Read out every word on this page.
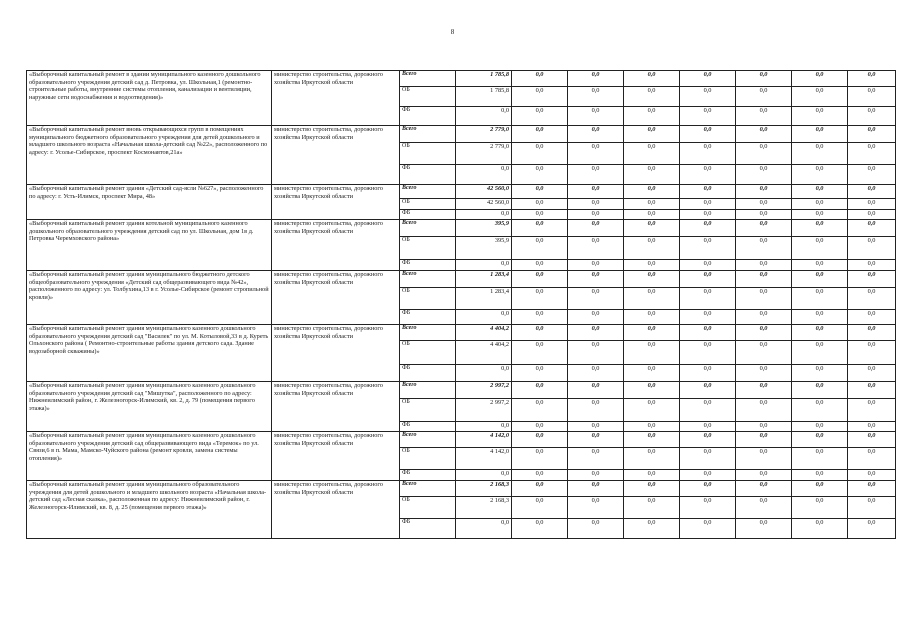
8
«Выборочный капитальный ремонт в здании муниципального казенного дошкольного образовательного учреждения детский сад д. Петровка, ул. Школьная,1 (ремонтно-строительные работы, внутренние системы отопления, канализации и вентиляции, наружные сети водоснабжения и водоотведения)»	министерство строительства, дорожного хозяйства Иркутской области	Всего	1 785,8	0,0	0,0	0,0	0,0	0,0	0,0	0,0
		ОБ	1 785,8	0,0	0,0	0,0	0,0	0,0	0,0	0,0
		ФБ	0,0	0,0	0,0	0,0	0,0	0,0	0,0	0,0
«Выборочный капитальный ремонт вновь открывающихся групп в помещениях муниципального бюджетного образовательного учреждения для детей дошкольного и младшего школьного возраста «Начальная школа-детский сад №22», расположенного по адресу: г. Усолье-Сибирское, проспект Космонавтов,21а»	министерство строительства, дорожного хозяйства Иркутской области	Всего	2 779,0	0,0	0,0	0,0	0,0	0,0	0,0	0,0
		ОБ	2 779,0	0,0	0,0	0,0	0,0	0,0	0,0	0,0
		ФБ	0,0	0,0	0,0	0,0	0,0	0,0	0,0	0,0
«Выборочный капитальный ремонт здания «Детский сад-ясли №627», расположенного по адресу: г. Усть-Илимск, проспект Мира, 48»	министерство строительства, дорожного хозяйства Иркутской области	Всего	42 560,0	0,0	0,0	0,0	0,0	0,0	0,0	0,0
		ОБ	42 560,0	0,0	0,0	0,0	0,0	0,0	0,0	0,0
		ФБ	0,0	0,0	0,0	0,0	0,0	0,0	0,0	0,0
«Выборочный капитальный ремонт здания котельной муниципального казенного дошкольного образовательного учреждения детский сад по ул. Школьная, дом 1в д. Петровка Черемховского района»	министерство строительства, дорожного хозяйства Иркутской области	Всего	395,9	0,0	0,0	0,0	0,0	0,0	0,0	0,0
		ОБ	395,9	0,0	0,0	0,0	0,0	0,0	0,0	0,0
		ФБ	0,0	0,0	0,0	0,0	0,0	0,0	0,0	0,0
«Выборочный капитальный ремонт здания муниципального бюджетного детского общеобразовательного учреждения «Детский сад общеразвивающего вида №42», расположенного по адресу: ул. Толбухина,13 в г. Усолье-Сибирское (ремонт стропильной кровли)»	министерство строительства, дорожного хозяйства Иркутской области	Всего	1 283,4	0,0	0,0	0,0	0,0	0,0	0,0	0,0
		ОБ	1 283,4	0,0	0,0	0,0	0,0	0,0	0,0	0,0
		ФБ	0,0	0,0	0,0	0,0	0,0	0,0	0,0	0,0
«Выборочный капитальный ремонт здания муниципального казенного дошкольного образовательного учреждения детский сад "Василек" по ул. М. Котыловой,33 в д. Куреть Ольхонского района ( Ремонтно-строительные работы здания детского сада. Здание водозаборной скважины)»	министерство строительства, дорожного хозяйства Иркутской области	Всего	4 404,2	0,0	0,0	0,0	0,0	0,0	0,0	0,0
		ОБ	4 404,2	0,0	0,0	0,0	0,0	0,0	0,0	0,0
		ФБ	0,0	0,0	0,0	0,0	0,0	0,0	0,0	0,0
«Выборочный капитальный ремонт здания муниципального казенного дошкольного образовательного учреждения детский сад "Мишутка", расположенного по адресу: Нижнеилимский район, г. Железногорск-Илимский, кв. 2, д. 79 (помещения первого этажа)»	министерство строительства, дорожного хозяйства Иркутской области	Всего	2 997,2	0,0	0,0	0,0	0,0	0,0	0,0	0,0
		ОБ	2 997,2	0,0	0,0	0,0	0,0	0,0	0,0	0,0
		ФБ	0,0	0,0	0,0	0,0	0,0	0,0	0,0	0,0
«Выборочный капитальный ремонт здания муниципального казенного дошкольного образовательного учреждения детский сад общеразвивающего вида «Теремок» по ул. Связи,6 в п. Мама, Мамско-Чуйского района (ремонт кровли, замена системы отопления)»	министерство строительства, дорожного хозяйства Иркутской области	Всего	4 142,0	0,0	0,0	0,0	0,0	0,0	0,0	0,0
		ОБ	4 142,0	0,0	0,0	0,0	0,0	0,0	0,0	0,0
		ФБ	0,0	0,0	0,0	0,0	0,0	0,0	0,0	0,0
«Выборочный капитальный ремонт здания муниципального образовательного учреждения для детей дошкольного и младшего школьного возраста «Начальная школа-детский сад «Лесная сказка», расположенная по адресу: Нижнеилимский район, г. Железногорск-Илимский, кв. 8, д. 25 (помещения первого этажа)»	министерство строительства, дорожного хозяйства Иркутской области	Всего	2 168,3	0,0	0,0	0,0	0,0	0,0	0,0	0,0
		ОБ	2 168,3	0,0	0,0	0,0	0,0	0,0	0,0	0,0
		ФБ	0,0	0,0	0,0	0,0	0,0	0,0	0,0	0,0
